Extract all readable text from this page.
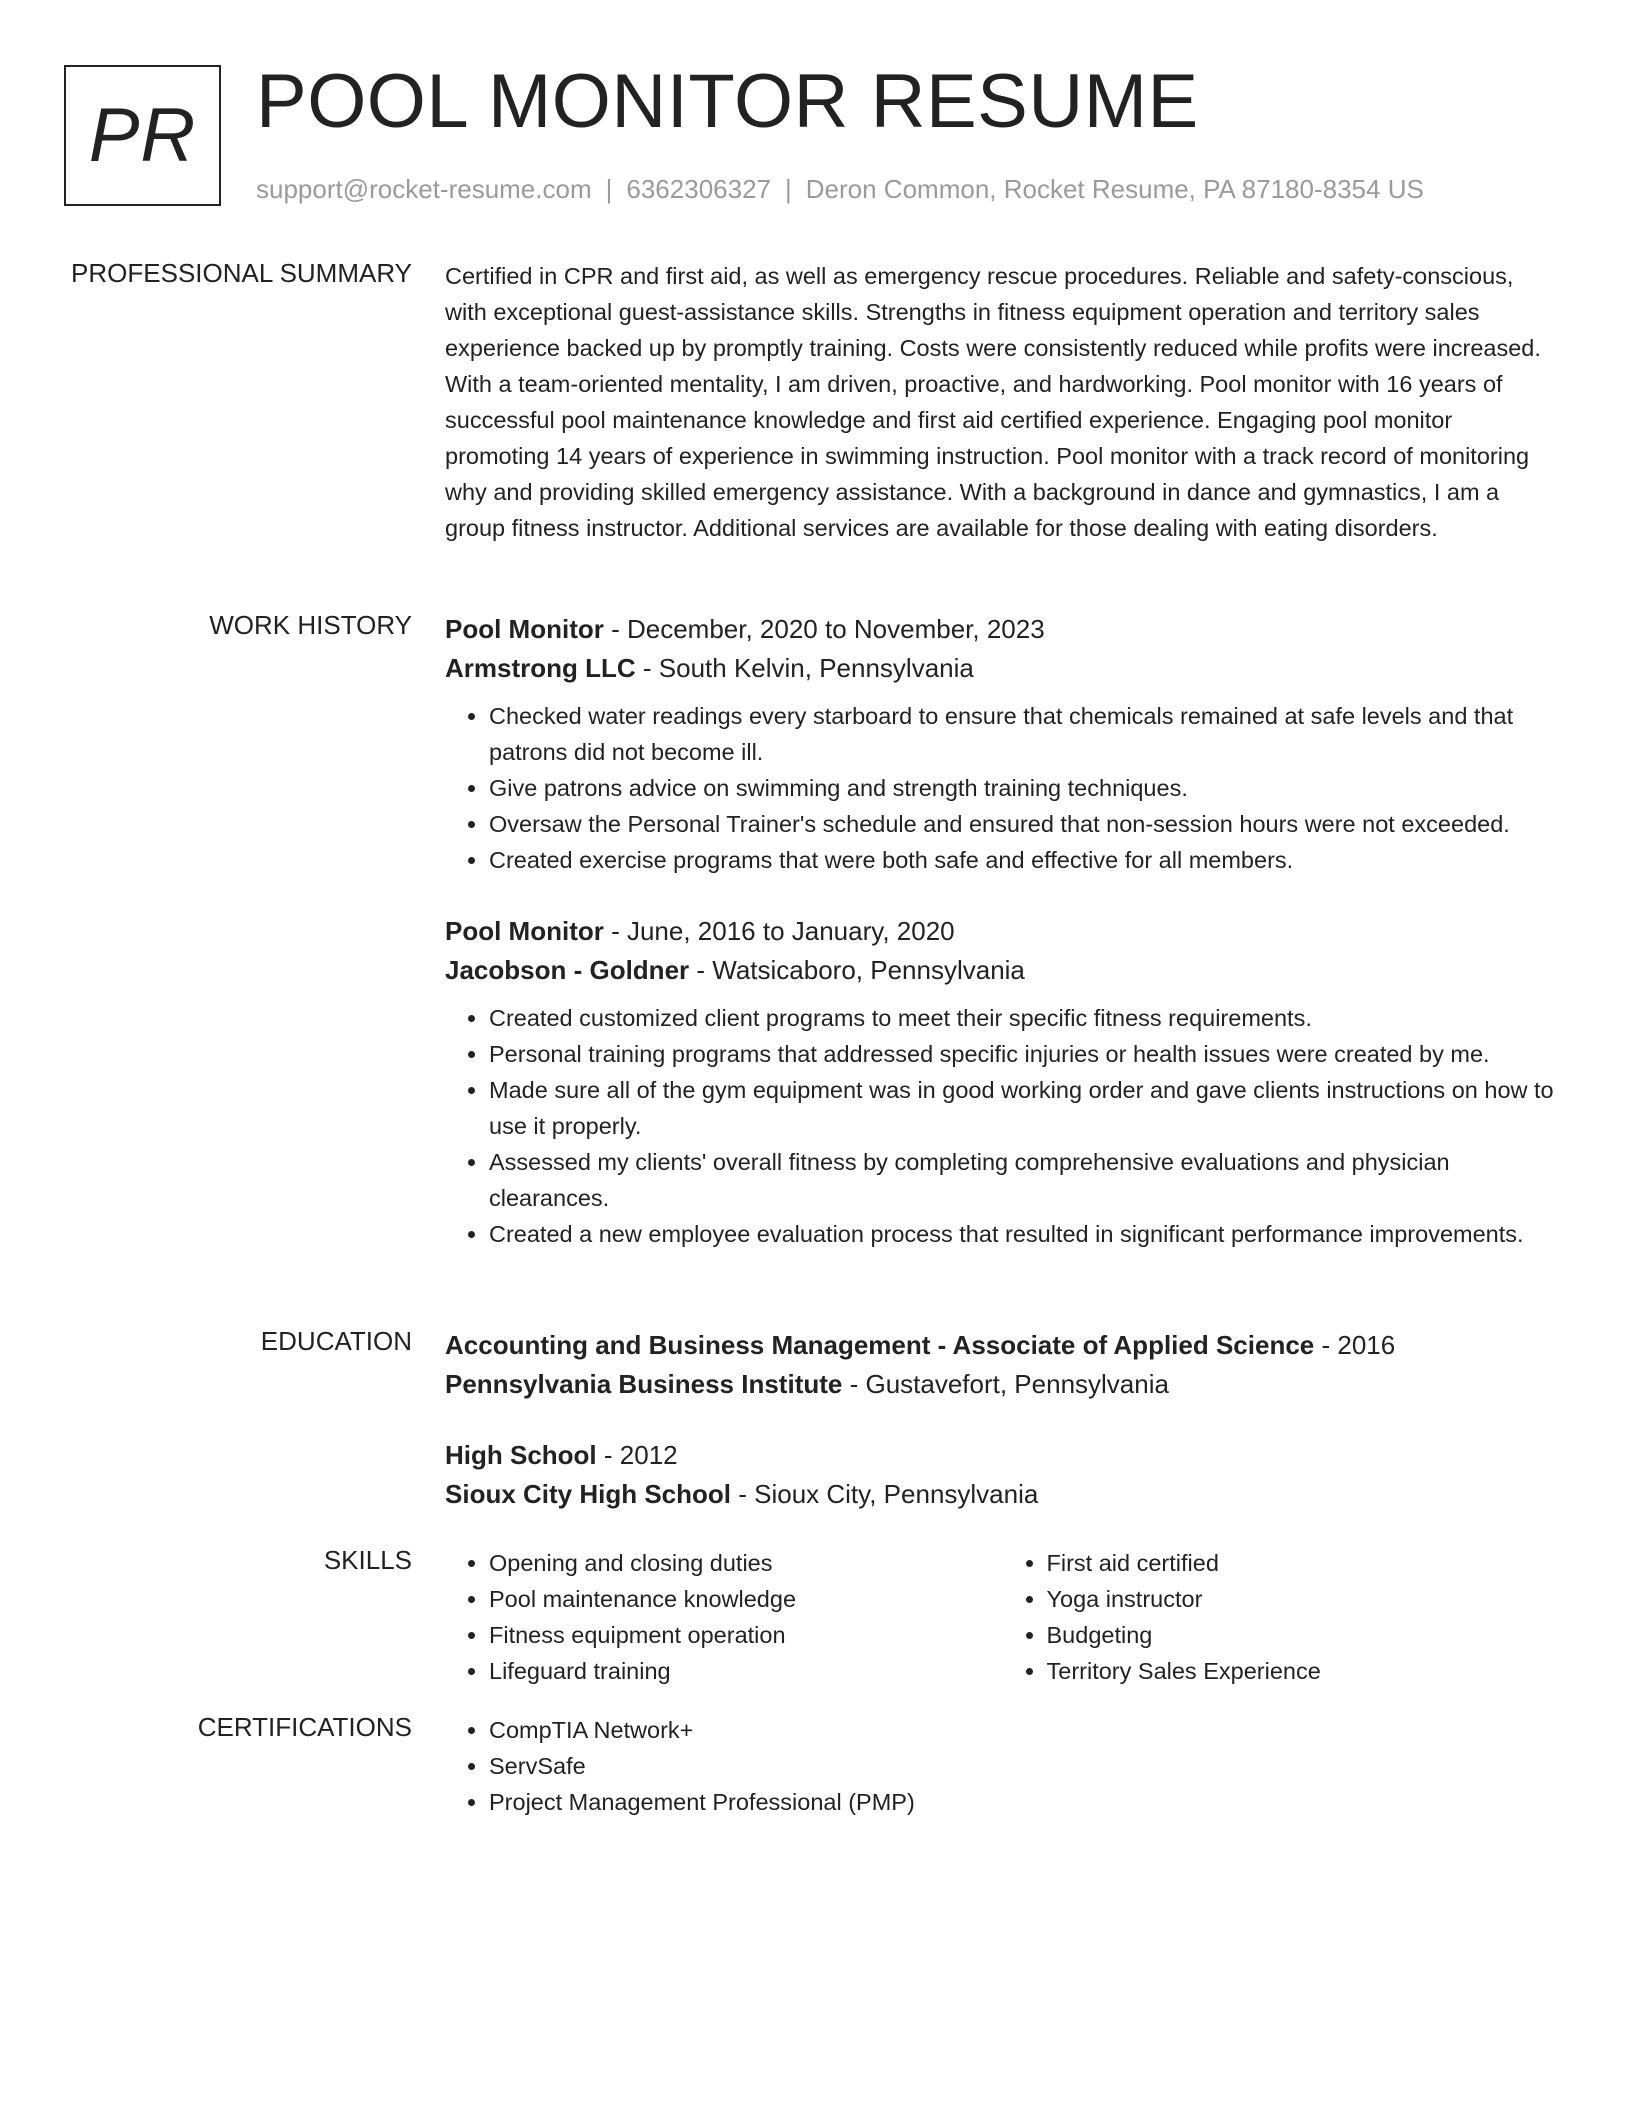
PR POOL MONITOR RESUME
support@rocket-resume.com | 6362306327 | Deron Common, Rocket Resume, PA 87180-8354 US
PROFESSIONAL SUMMARY Certified in CPR and first aid, as well as emergency rescue procedures. Reliable and safety-conscious, with exceptional guest-assistance skills. Strengths in fitness equipment operation and territory sales experience backed up by promptly training. Costs were consistently reduced while profits were increased. With a team-oriented mentality, I am driven, proactive, and hardworking. Pool monitor with 16 years of successful pool maintenance knowledge and first aid certified experience. Engaging pool monitor promoting 14 years of experience in swimming instruction. Pool monitor with a track record of monitoring why and providing skilled emergency assistance. With a background in dance and gymnastics, I am a group fitness instructor. Additional services are available for those dealing with eating disorders.

WORK HISTORY Pool Monitor - December, 2020 to November, 2023

Armstrong LLC - South Kelvin, Pennsylvania

• Checked water readings every starboard to ensure that chemicals remained at safe levels and that patrons did not become ill.
• Give patrons advice on swimming and strength training techniques.
• Oversaw the Personal Trainer's schedule and ensured that non-session hours were not exceeded.
• Created exercise programs that were both safe and effective for all members.

Pool Monitor - June, 2016 to January, 2020

Jacobson - Goldner - Watsicaboro, Pennsylvania

• Created customized client programs to meet their specific fitness requirements.
• Personal training programs that addressed specific injuries or health issues were created by me.
• Made sure all of the gym equipment was in good working order and gave clients instructions on how to use it properly.
• Assessed my clients' overall fitness by completing comprehensive evaluations and physician clearances.
• Created a new employee evaluation process that resulted in significant performance improvements.
EDUCATION Accounting and Business Management - Associate of Applied Science - 2016

Pennsylvania Business Institute - Gustavefort, Pennsylvania

High School - 2012

Sioux City High School - Sioux City, Pennsylvania

SKILLS	• Opening and closing duties
• Pool maintenance knowledge
• Fitness equipment operation
• Lifeguard training
• First aid certified
• Yoga instructor
• Budgeting
• Territory Sales Experience
CERTIFICATIONS	• CompTIA Network+
• ServSafe
• Project Management Professional (PMP)
